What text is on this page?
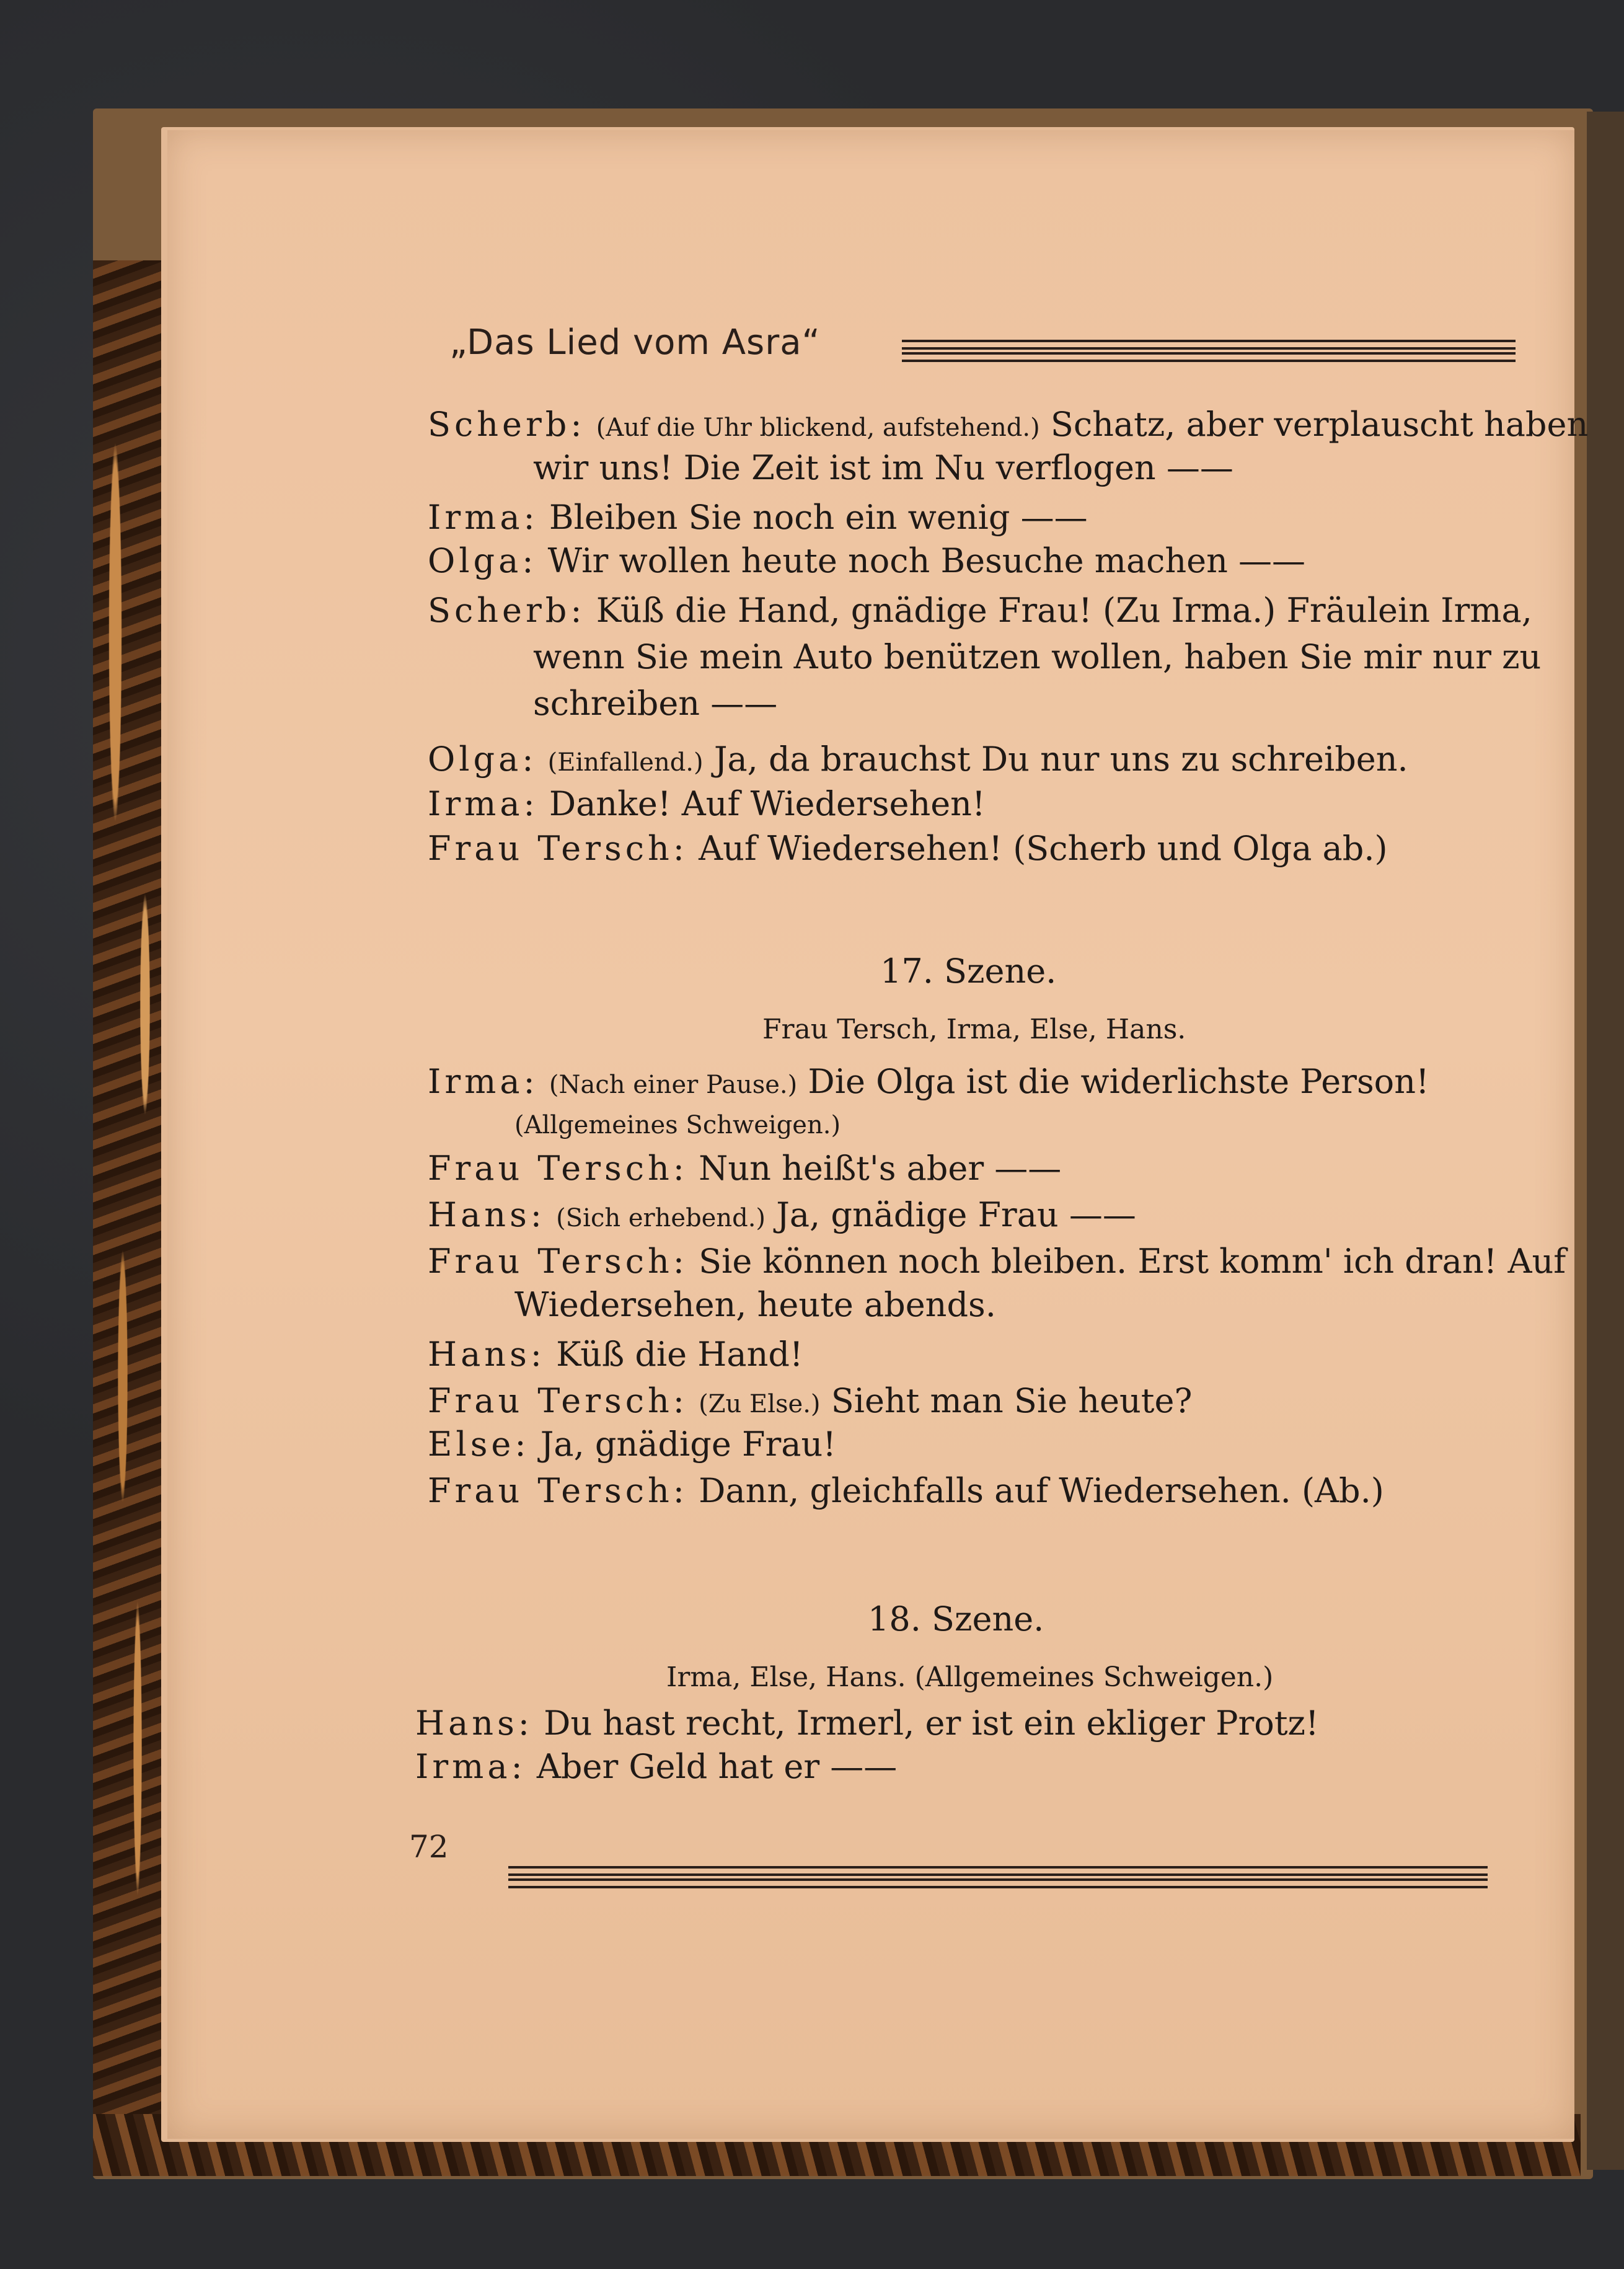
„Das Lied vom Asra“
Scherb: (Auf die Uhr blickend, aufstehend.) Schatz, aber verplauscht haben
wir uns! Die Zeit ist im Nu verflogen ——
Irma: Bleiben Sie noch ein wenig ——
Olga: Wir wollen heute noch Besuche machen ——
Scherb: Küß die Hand, gnädige Frau! (Zu Irma.) Fräulein Irma,
wenn Sie mein Auto benützen wollen, haben Sie mir nur zu
schreiben ——
Olga: (Einfallend.) Ja, da brauchst Du nur uns zu schreiben.
Irma: Danke! Auf Wiedersehen!
Frau Tersch: Auf Wiedersehen! (Scherb und Olga ab.)
17. Szene.
Frau Tersch, Irma, Else, Hans.
Irma: (Nach einer Pause.) Die Olga ist die widerlichste Person!
(Allgemeines Schweigen.)
Frau Tersch: Nun heißt's aber ——
Hans: (Sich erhebend.) Ja, gnädige Frau ——
Frau Tersch: Sie können noch bleiben. Erst komm' ich dran! Auf
Wiedersehen, heute abends.
Hans: Küß die Hand!
Frau Tersch: (Zu Else.) Sieht man Sie heute?
Else: Ja, gnädige Frau!
Frau Tersch: Dann, gleichfalls auf Wiedersehen. (Ab.)
18. Szene.
Irma, Else, Hans. (Allgemeines Schweigen.)
Hans: Du hast recht, Irmerl, er ist ein ekliger Protz!
Irma: Aber Geld hat er ——
72
